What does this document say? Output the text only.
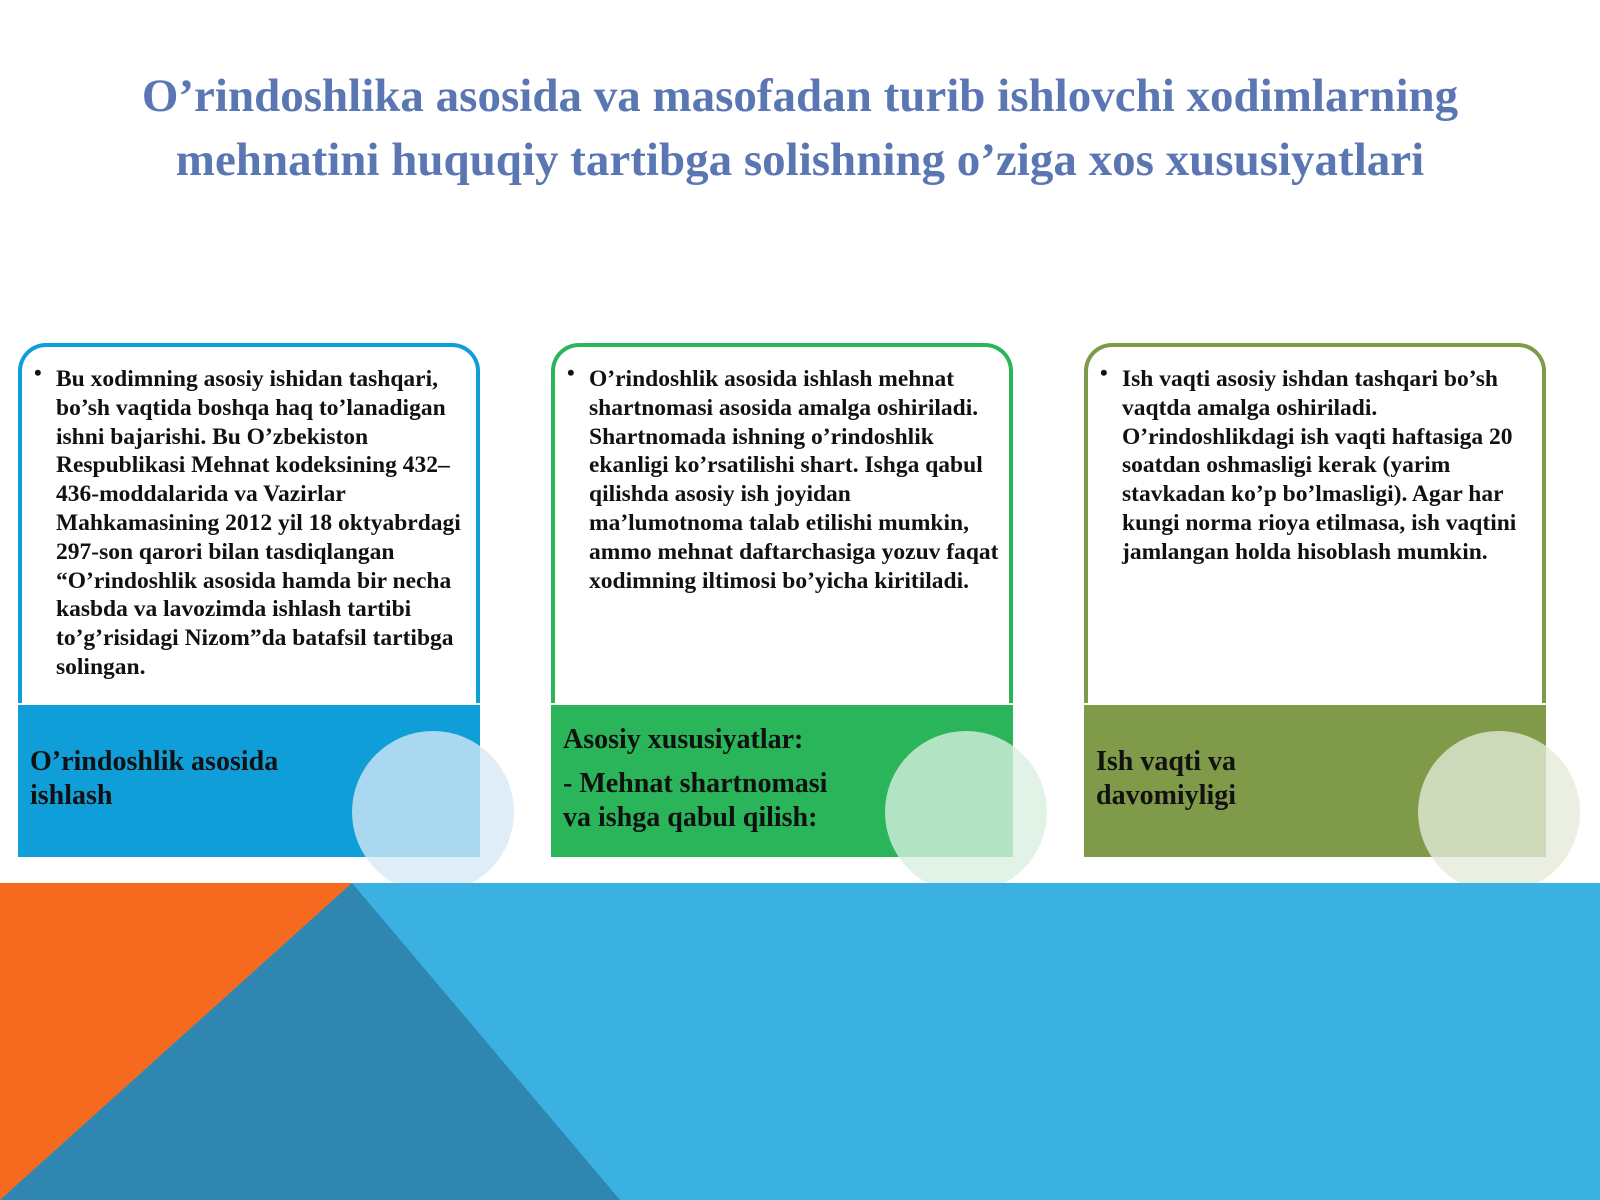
O’rindoshlika asosida va masofadan turib ishlovchi xodimlarning mehnatini huquqiy tartibga solishning o’ziga xos xususiyatlari
• Bu xodimning asosiy ishidan tashqari, bo’sh vaqtida boshqa haq to’lanadigan ishni bajarishi. Bu O’zbekiston Respublikasi Mehnat kodeksining 432–436-moddalarida va Vazirlar Mahkamasining 2012 yil 18 oktyabrdagi 297-son qarori bilan tasdiqlangan “O’rindoshlik asosida hamda bir necha kasbda va lavozimda ishlash tartibi to’g’risidagi Nizom”da batafsil tartibga solingan.
O’rindoshlik asosida
ishlash
• O’rindoshlik asosida ishlash mehnat shartnomasi asosida amalga oshiriladi. Shartnomada ishning o’rindoshlik ekanligi ko’rsatilishi shart. Ishga qabul qilishda asosiy ish joyidan ma’lumotnoma talab etilishi mumkin, ammo mehnat daftarchasiga yozuv faqat xodimning iltimosi bo’yicha kiritiladi.
Asosiy xususiyatlar:
- Mehnat shartnomasi
va ishga qabul qilish:
• Ish vaqti asosiy ishdan tashqari bo’sh vaqtda amalga oshiriladi. O’rindoshlikdagi ish vaqti haftasiga 20 soatdan oshmasligi kerak (yarim stavkadan ko’p bo’lmasligi). Agar har kungi norma rioya etilmasa, ish vaqtini jamlangan holda hisoblash mumkin.
Ish vaqti va
davomiyligi
